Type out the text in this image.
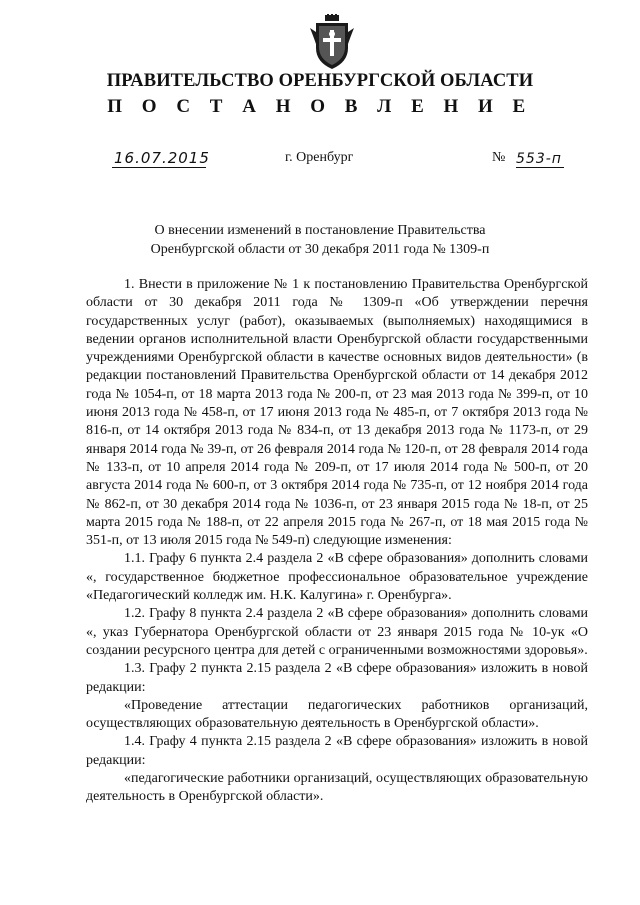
ПРАВИТЕЛЬСТВО ОРЕНБУРГСКОЙ ОБЛАСТИ
П О С Т А Н О В Л Е Н И Е
16.07.2015	г. Оренбург	№ 553-п
О внесении изменений в постановление Правительства
Оренбургской области от 30 декабря 2011 года № 1309-п

1. Внести в приложение № 1 к постановлению Правительства Оренбургской области от 30 декабря 2011 года № 1309-п «Об утверждении перечня государственных услуг (работ), оказываемых (выполняемых) находящимися в ведении органов исполнительной власти Оренбургской области государственными учреждениями Оренбургской области в качестве основных видов деятельности» (в редакции постановлений Правительства Оренбургской области от 14 декабря 2012 года № 1054-п, от 18 марта 2013 года № 200-п, от 23 мая 2013 года № 399-п, от 10 июня 2013 года № 458-п, от 17 июня 2013 года № 485-п, от 7 октября 2013 года № 816-п, от 14 октября 2013 года № 834-п, от 13 декабря 2013 года № 1173-п, от 29 января 2014 года № 39-п, от 26 февраля 2014 года № 120-п, от 28 февраля 2014 года № 133-п, от 10 апреля 2014 года № 209-п, от 17 июля 2014 года № 500-п, от 20 августа 2014 года № 600-п, от 3 октября 2014 года № 735-п, от 12 ноября 2014 года № 862-п, от 30 декабря 2014 года № 1036-п, от 23 января 2015 года № 18-п, от 25 марта 2015 года № 188-п, от 22 апреля 2015 года № 267-п, от 18 мая 2015 года № 351-п, от 13 июля 2015 года № 549-п) следующие изменения:

1.1. Графу 6 пункта 2.4 раздела 2 «В сфере образования» дополнить словами «, государственное бюджетное профессиональное образовательное учреждение «Педагогический колледж им. Н.К. Калугина» г. Оренбурга».

1.2. Графу 8 пункта 2.4 раздела 2 «В сфере образования» дополнить словами «, указ Губернатора Оренбургской области от 23 января 2015 года № 10-ук «О создании ресурсного центра для детей с ограниченными возможностями здоровья».

1.3. Графу 2 пункта 2.15 раздела 2 «В сфере образования» изложить в новой редакции:

«Проведение аттестации педагогических работников организаций, осуществляющих образовательную деятельность в Оренбургской области».

1.4. Графу 4 пункта 2.15 раздела 2 «В сфере образования» изложить в новой редакции:

«педагогические работники организаций, осуществляющих образовательную деятельность в Оренбургской области».
